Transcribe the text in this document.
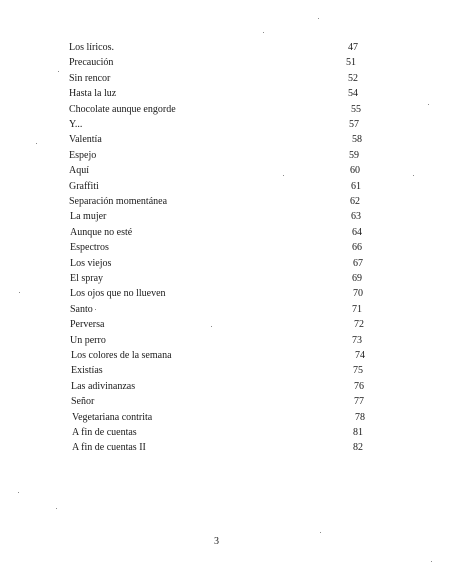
Los líricos.	47
Precaución	51
Sin rencor	52
Hasta la luz	54
Chocolate aunque engorde	55
Y...	57
Valentía	58
Espejo	59
Aquí	60
Graffiti	61
Separación momentánea	62
La mujer	63
Aunque no esté	64
Espectros	66
Los viejos	67
El spray	69
Los ojos que no llueven	70
Santo	71
Perversa	72
Un perro	73
Los colores de la semana	74
Existías	75
Las adivinanzas	76
Señor	77
Vegetariana contrita	78
A fin de cuentas	81
A fin de cuentas II	82
3
